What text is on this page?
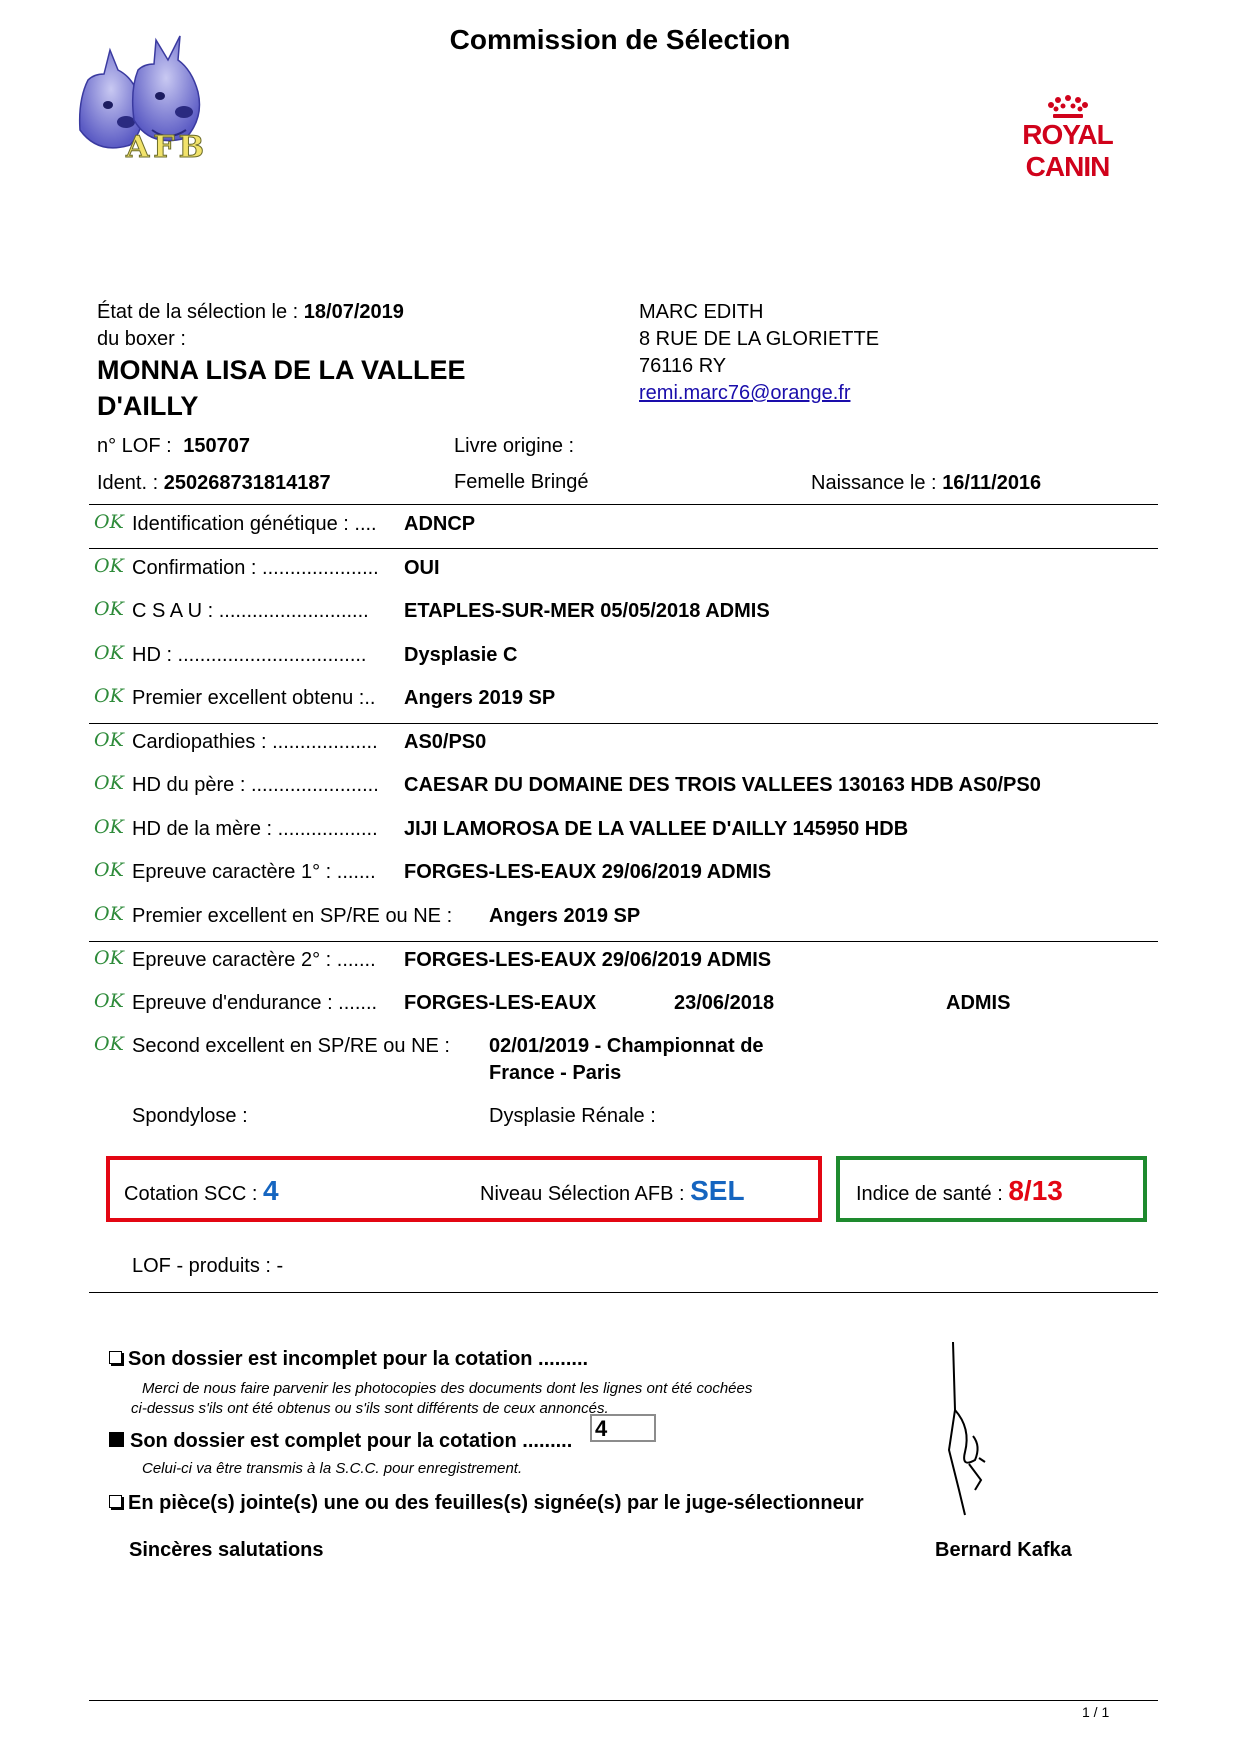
Commission de Sélection
AFB	ROYAL CANIN
État de la sélection le : 18/07/2019
du boxer :
MONNA LISA DE LA VALLEE
D'AILLY
MARC EDITH
8 RUE DE LA GLORIETTE
76116 RY
remi.marc76@orange.fr
n° LOF : 150707	Livre origine :
Ident. : 250268731814187	Femelle Bringé	Naissance le : 16/11/2016
OK Identification génétique : .... ADNCP
OK Confirmation : ..................... OUI
OK C S A U : ........................... ETAPLES-SUR-MER 05/05/2018 ADMIS
OK HD : .................................. Dysplasie C
OK Premier excellent obtenu :.. Angers 2019 SP
OK Cardiopathies : ................... AS0/PS0
OK HD du père : ....................... CAESAR DU DOMAINE DES TROIS VALLEES 130163 HDB AS0/PS0
OK HD de la mère : .................. JIJI LAMOROSA DE LA VALLEE D'AILLY 145950 HDB
OK Epreuve caractère 1° : ....... FORGES-LES-EAUX 29/06/2019 ADMIS
OK Premier excellent en SP/RE ou NE : Angers 2019 SP
OK Epreuve caractère 2° : ....... FORGES-LES-EAUX 29/06/2019 ADMIS
OK Epreuve d'endurance : ....... FORGES-LES-EAUX	23/06/2018	ADMIS
OK Second excellent en SP/RE ou NE : 02/01/2019 - Championnat de
France - Paris
Spondylose :	Dysplasie Rénale :
Cotation SCC : 4	Niveau Sélection AFB : SEL	Indice de santé : 8/13
LOF - produits : -
Son dossier est incomplet pour la cotation .........
Merci de nous faire parvenir les photocopies des documents dont les lignes ont été cochées
ci-dessus s'ils ont été obtenus ou s'ils sont différents de ceux annoncés.
Son dossier est complet pour la cotation ......... 4
Celui-ci va être transmis à la S.C.C. pour enregistrement.
En pièce(s) jointe(s) une ou des feuilles(s) signée(s) par le juge-sélectionneur
Sincères salutations	Bernard Kafka
1 / 1
